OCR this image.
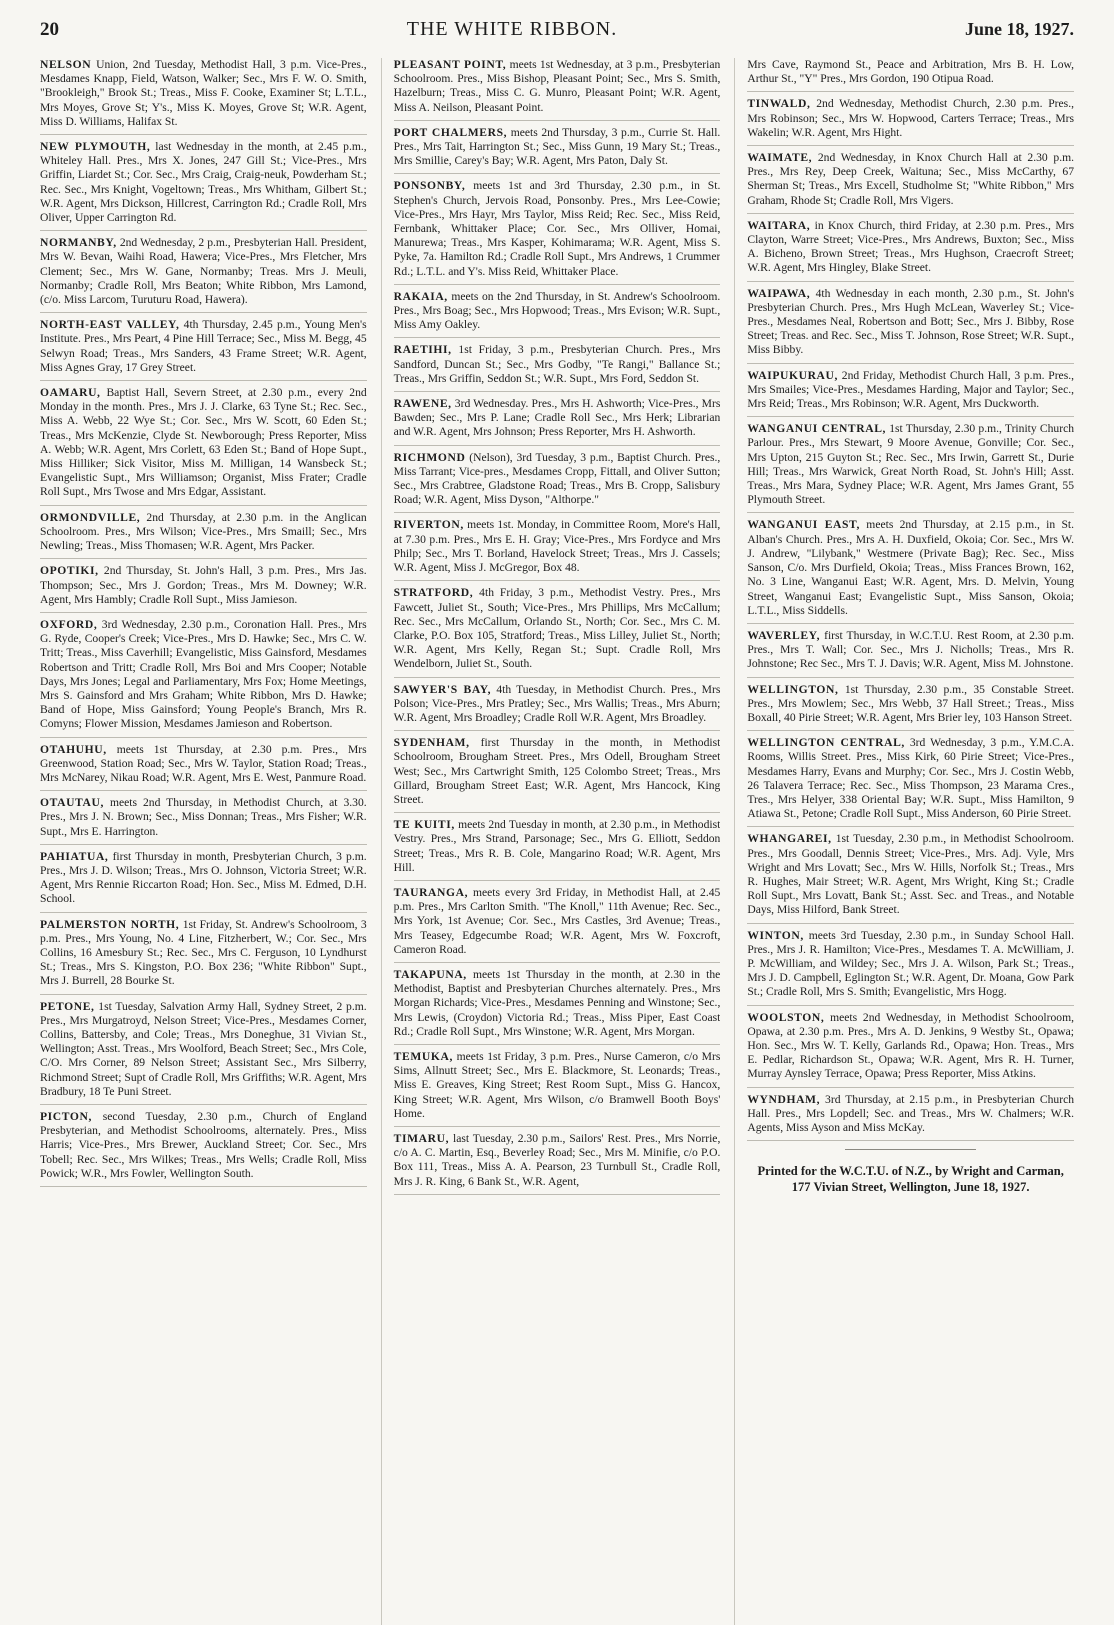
20	THE WHITE RIBBON.	June 18, 1927.

NELSON Union, 2nd Tuesday, Methodist Hall, 3 p.m. Vice-Pres., Mesdames Knapp, Field, Watson, Walker; Sec., Mrs F. W. O. Smith, "Brookleigh," Brook St.; Treas., Miss F. Cooke, Examiner St; L.T.L., Mrs Moyes, Grove St; Y's., Miss K. Moyes, Grove St; W.R. Agent, Miss D. Williams, Halifax St.

NEW PLYMOUTH, last Wednesday in the month, at 2.45 p.m., Whiteley Hall. Pres., Mrs X. Jones, 247 Gill St.; Vice-Pres., Mrs Griffin, Liardet St.; Cor. Sec., Mrs Craig, Craig-neuk, Powderham St.; Rec. Sec., Mrs Knight, Vogeltown; Treas., Mrs Whitham, Gilbert St.; W.R. Agent, Mrs Dickson, Hillcrest, Carrington Rd.; Cradle Roll, Mrs Oliver, Upper Carrington Rd.

NORMANBY, 2nd Wednesday, 2 p.m., Presbyterian Hall. President, Mrs W. Bevan, Waihi Road, Hawera; Vice-Pres., Mrs Fletcher, Mrs Clement; Sec., Mrs W. Gane, Normanby; Treas. Mrs J. Meuli, Normanby; Cradle Roll, Mrs Beaton; White Ribbon, Mrs Lamond, (c/o. Miss Larcom, Turuturu Road, Hawera).

NORTH-EAST VALLEY, 4th Thursday, 2.45 p.m., Young Men's Institute. Pres., Mrs Peart, 4 Pine Hill Terrace; Sec., Miss M. Begg, 45 Selwyn Road; Treas., Mrs Sanders, 43 Frame Street; W.R. Agent, Miss Agnes Gray, 17 Grey Street.

OAMARU, Baptist Hall, Severn Street, at 2.30 p.m., every 2nd Monday in the month. Pres., Mrs J. J. Clarke, 63 Tyne St.; Rec. Sec., Miss A. Webb, 22 Wye St.; Cor. Sec., Mrs W. Scott, 60 Eden St.; Treas., Mrs McKenzie, Clyde St. Newborough; Press Reporter, Miss A. Webb; W.R. Agent, Mrs Corlett, 63 Eden St.; Band of Hope Supt., Miss Hilliker; Sick Visitor, Miss M. Milligan, 14 Wansbeck St.; Evangelistic Supt., Mrs Williamson; Organist, Miss Frater; Cradle Roll Supt., Mrs Twose and Mrs Edgar, Assistant.

ORMONDVILLE, 2nd Thursday, at 2.30 p.m. in the Anglican Schoolroom. Pres., Mrs Wilson; Vice-Pres., Mrs Smaill; Sec., Mrs Newling; Treas., Miss Thomasen; W.R. Agent, Mrs Packer.

OPOTIKI, 2nd Thursday, St. John's Hall, 3 p.m. Pres., Mrs Jas. Thompson; Sec., Mrs J. Gordon; Treas., Mrs M. Downey; W.R. Agent, Mrs Hambly; Cradle Roll Supt., Miss Jamieson.

OXFORD, 3rd Wednesday, 2.30 p.m., Coronation Hall. Pres., Mrs G. Ryde, Cooper's Creek; Vice-Pres., Mrs D. Hawke; Sec., Mrs C. W. Tritt; Treas., Miss Caverhill; Evangelistic, Miss Gainsford, Mesdames Robertson and Tritt; Cradle Roll, Mrs Boi and Mrs Cooper; Notable Days, Mrs Jones; Legal and Parliamentary, Mrs Fox; Home Meetings, Mrs S. Gainsford and Mrs Graham; White Ribbon, Mrs D. Hawke; Band of Hope, Miss Gainsford; Young People's Branch, Mrs R. Comyns; Flower Mission, Mesdames Jamieson and Robertson.

OTAHUHU, meets 1st Thursday, at 2.30 p.m. Pres., Mrs Greenwood, Station Road; Sec., Mrs W. Taylor, Station Road; Treas., Mrs McNarey, Nikau Road; W.R. Agent, Mrs E. West, Panmure Road.

OTAUTAU, meets 2nd Thursday, in Methodist Church, at 3.30. Pres., Mrs J. N. Brown; Sec., Miss Donnan; Treas., Mrs Fisher; W.R. Supt., Mrs E. Harrington.

PAHIATUA, first Thursday in month, Presbyterian Church, 3 p.m. Pres., Mrs J. D. Wilson; Treas., Mrs O. Johnson, Victoria Street; W.R. Agent, Mrs Rennie Riccarton Road; Hon. Sec., Miss M. Edmed, D.H. School.

PALMERSTON NORTH, 1st Friday, St. Andrew's Schoolroom, 3 p.m. Pres., Mrs Young, No. 4 Line, Fitzherbert, W.; Cor. Sec., Mrs Collins, 16 Amesbury St.; Rec. Sec., Mrs C. Ferguson, 10 Lyndhurst St.; Treas., Mrs S. Kingston, P.O. Box 236; "White Ribbon" Supt., Mrs J. Burrell, 28 Bourke St.

PETONE, 1st Tuesday, Salvation Army Hall, Sydney Street, 2 p.m. Pres., Mrs Murgatroyd, Nelson Street; Vice-Pres., Mesdames Corner, Collins, Battersby, and Cole; Treas., Mrs Doneghue, 31 Vivian St., Wellington; Asst. Treas., Mrs Woolford, Beach Street; Sec., Mrs Cole, C/O. Mrs Corner, 89 Nelson Street; Assistant Sec., Mrs Silberry, Richmond Street; Supt of Cradle Roll, Mrs Griffiths; W.R. Agent, Mrs Bradbury, 18 Te Puni Street.

PICTON, second Tuesday, 2.30 p.m., Church of England Presbyterian, and Methodist Schoolrooms, alternately. Pres., Miss Harris; Vice-Pres., Mrs Brewer, Auckland Street; Cor. Sec., Mrs Tobell; Rec. Sec., Mrs Wilkes; Treas., Mrs Wells; Cradle Roll, Miss Powick; W.R., Mrs Fowler, Wellington South.

PLEASANT POINT, meets 1st Wednesday, at 3 p.m., Presbyterian Schoolroom. Pres., Miss Bishop, Pleasant Point; Sec., Mrs S. Smith, Hazelburn; Treas., Miss C. G. Munro, Pleasant Point; W.R. Agent, Miss A. Neilson, Pleasant Point.

PORT CHALMERS, meets 2nd Thursday, 3 p.m., Currie St. Hall. Pres., Mrs Tait, Harrington St.; Sec., Miss Gunn, 19 Mary St.; Treas., Mrs Smillie, Carey's Bay; W.R. Agent, Mrs Paton, Daly St.

PONSONBY, meets 1st and 3rd Thursday, 2.30 p.m., in St. Stephen's Church, Jervois Road, Ponsonby. Pres., Mrs Lee-Cowie; Vice-Pres., Mrs Hayr, Mrs Taylor, Miss Reid; Rec. Sec., Miss Reid, Fernbank, Whittaker Place; Cor. Sec., Mrs Olliver, Homai, Manurewa; Treas., Mrs Kasper, Kohimarama; W.R. Agent, Miss S. Pyke, 7a. Hamilton Rd.; Cradle Roll Supt., Mrs Andrews, 1 Crummer Rd.; L.T.L. and Y's. Miss Reid, Whittaker Place.

RAKAIA, meets on the 2nd Thursday, in St. Andrew's Schoolroom. Pres., Mrs Boag; Sec., Mrs Hopwood; Treas., Mrs Evison; W.R. Supt., Miss Amy Oakley.

RAETIHI, 1st Friday, 3 p.m., Presbyterian Church. Pres., Mrs Sandford, Duncan St.; Sec., Mrs Godby, "Te Rangi," Ballance St.; Treas., Mrs Griffin, Seddon St.; W.R. Supt., Mrs Ford, Seddon St.

RAWENE, 3rd Wednesday. Pres., Mrs H. Ashworth; Vice-Pres., Mrs Bawden; Sec., Mrs P. Lane; Cradle Roll Sec., Mrs Herk; Librarian and W.R. Agent, Mrs Johnson; Press Reporter, Mrs H. Ashworth.

RICHMOND (Nelson), 3rd Tuesday, 3 p.m., Baptist Church. Pres., Miss Tarrant; Vice-pres., Mesdames Cropp, Fittall, and Oliver Sutton; Sec., Mrs Crabtree, Gladstone Road; Treas., Mrs B. Cropp, Salisbury Road; W.R. Agent, Miss Dyson, "Althorpe."

RIVERTON, meets 1st. Monday, in Committee Room, More's Hall, at 7.30 p.m. Pres., Mrs E. H. Gray; Vice-Pres., Mrs Fordyce and Mrs Philp; Sec., Mrs T. Borland, Havelock Street; Treas., Mrs J. Cassels; W.R. Agent, Miss J. McGregor, Box 48.

STRATFORD, 4th Friday, 3 p.m., Methodist Vestry. Pres., Mrs Fawcett, Juliet St., South; Vice-Pres., Mrs Phillips, Mrs McCallum; Rec. Sec., Mrs McCallum, Orlando St., North; Cor. Sec., Mrs C. M. Clarke, P.O. Box 105, Stratford; Treas., Miss Lilley, Juliet St., North; W.R. Agent, Mrs Kelly, Regan St.; Supt. Cradle Roll, Mrs Wendelborn, Juliet St., South.

SAWYER'S BAY, 4th Tuesday, in Methodist Church. Pres., Mrs Polson; Vice-Pres., Mrs Pratley; Sec., Mrs Wallis; Treas., Mrs Aburn; W.R. Agent, Mrs Broadley; Cradle Roll W.R. Agent, Mrs Broadley.

SYDENHAM, first Thursday in the month, in Methodist Schoolroom, Brougham Street. Pres., Mrs Odell, Brougham Street West; Sec., Mrs Cartwright Smith, 125 Colombo Street; Treas., Mrs Gillard, Brougham Street East; W.R. Agent, Mrs Hancock, King Street.

TE KUITI, meets 2nd Tuesday in month, at 2.30 p.m., in Methodist Vestry. Pres., Mrs Strand, Parsonage; Sec., Mrs G. Elliott, Seddon Street; Treas., Mrs R. B. Cole, Mangarino Road; W.R. Agent, Mrs Hill.

TAURANGA, meets every 3rd Friday, in Methodist Hall, at 2.45 p.m. Pres., Mrs Carlton Smith. "The Knoll," 11th Avenue; Rec. Sec., Mrs York, 1st Avenue; Cor. Sec., Mrs Castles, 3rd Avenue; Treas., Mrs Teasey, Edgecumbe Road; W.R. Agent, Mrs W. Foxcroft, Cameron Road.

TAKAPUNA, meets 1st Thursday in the month, at 2.30 in the Methodist, Baptist and Presbyterian Churches alternately. Pres., Mrs Morgan Richards; Vice-Pres., Mesdames Penning and Winstone; Sec., Mrs Lewis, (Croydon) Victoria Rd.; Treas., Miss Piper, East Coast Rd.; Cradle Roll Supt., Mrs Winstone; W.R. Agent, Mrs Morgan.

TEMUKA, meets 1st Friday, 3 p.m. Pres., Nurse Cameron, c/o Mrs Sims, Allnutt Street; Sec., Mrs E. Blackmore, St. Leonards; Treas., Miss E. Greaves, King Street; Rest Room Supt., Miss G. Hancox, King Street; W.R. Agent, Mrs Wilson, c/o Bramwell Booth Boys' Home.

TIMARU, last Tuesday, 2.30 p.m., Sailors' Rest. Pres., Mrs Norrie, c/o A. C. Martin, Esq., Beverley Road; Sec., Mrs M. Minifie, c/o P.O. Box 111, Treas., Miss A. A. Pearson, 23 Turnbull St., Cradle Roll, Mrs J. R. King, 6 Bank St., W.R. Agent,

Mrs Cave, Raymond St., Peace and Arbitration, Mrs B. H. Low, Arthur St., "Y" Pres., Mrs Gordon, 190 Otipua Road.

TINWALD, 2nd Wednesday, Methodist Church, 2.30 p.m. Pres., Mrs Robinson; Sec., Mrs W. Hopwood, Carters Terrace; Treas., Mrs Wakelin; W.R. Agent, Mrs Hight.

WAIMATE, 2nd Wednesday, in Knox Church Hall at 2.30 p.m. Pres., Mrs Rey, Deep Creek, Waituna; Sec., Miss McCarthy, 67 Sherman St; Treas., Mrs Excell, Studholme St; "White Ribbon," Mrs Graham, Rhode St; Cradle Roll, Mrs Vigers.

WAITARA, in Knox Church, third Friday, at 2.30 p.m. Pres., Mrs Clayton, Warre Street; Vice-Pres., Mrs Andrews, Buxton; Sec., Miss A. Bicheno, Brown Street; Treas., Mrs Hughson, Craecroft Street; W.R. Agent, Mrs Hingley, Blake Street.

WAIPAWA, 4th Wednesday in each month, 2.30 p.m., St. John's Presbyterian Church. Pres., Mrs Hugh McLean, Waverley St.; Vice-Pres., Mesdames Neal, Robertson and Bott; Sec., Mrs J. Bibby, Rose Street; Treas. and Rec. Sec., Miss T. Johnson, Rose Street; W.R. Supt., Miss Bibby.

WAIPUKURAU, 2nd Friday, Methodist Church Hall, 3 p.m. Pres., Mrs Smailes; Vice-Pres., Mesdames Harding, Major and Taylor; Sec., Mrs Reid; Treas., Mrs Robinson; W.R. Agent, Mrs Duckworth.

WANGANUI CENTRAL, 1st Thursday, 2.30 p.m., Trinity Church Parlour. Pres., Mrs Stewart, 9 Moore Avenue, Gonville; Cor. Sec., Mrs Upton, 215 Guyton St.; Rec. Sec., Mrs Irwin, Garrett St., Durie Hill; Treas., Mrs Warwick, Great North Road, St. John's Hill; Asst. Treas., Mrs Mara, Sydney Place; W.R. Agent, Mrs James Grant, 55 Plymouth Street.

WANGANUI EAST, meets 2nd Thursday, at 2.15 p.m., in St. Alban's Church. Pres., Mrs A. H. Duxfield, Okoia; Cor. Sec., Mrs W. J. Andrew, "Lilybank," Westmere (Private Bag); Rec. Sec., Miss Sanson, C/o. Mrs Durfield, Okoia; Treas., Miss Frances Brown, 162, No. 3 Line, Wanganui East; W.R. Agent, Mrs. D. Melvin, Young Street, Wanganui East; Evangelistic Supt., Miss Sanson, Okoia; L.T.L., Miss Siddells.

WAVERLEY, first Thursday, in W.C.T.U. Rest Room, at 2.30 p.m. Pres., Mrs T. Wall; Cor. Sec., Mrs J. Nicholls; Treas., Mrs R. Johnstone; Rec Sec., Mrs T. J. Davis; W.R. Agent, Miss M. Johnstone.

WELLINGTON, 1st Thursday, 2.30 p.m., 35 Constable Street. Pres., Mrs Mowlem; Sec., Mrs Webb, 37 Hall Street.; Treas., Miss Boxall, 40 Pirie Street; W.R. Agent, Mrs Brier ley, 103 Hanson Street.

WELLINGTON CENTRAL, 3rd Wednesday, 3 p.m., Y.M.C.A. Rooms, Willis Street. Pres., Miss Kirk, 60 Pirie Street; Vice-Pres., Mesdames Harry, Evans and Murphy; Cor. Sec., Mrs J. Costin Webb, 26 Talavera Terrace; Rec. Sec., Miss Thompson, 23 Marama Cres., Tres., Mrs Helyer, 338 Oriental Bay; W.R. Supt., Miss Hamilton, 9 Atiawa St., Petone; Cradle Roll Supt., Miss Anderson, 60 Pirie Street.

WHANGAREI, 1st Tuesday, 2.30 p.m., in Methodist Schoolroom. Pres., Mrs Goodall, Dennis Street; Vice-Pres., Mrs. Adj. Vyle, Mrs Wright and Mrs Lovatt; Sec., Mrs W. Hills, Norfolk St.; Treas., Mrs R. Hughes, Mair Street; W.R. Agent, Mrs Wright, King St.; Cradle Roll Supt., Mrs Lovatt, Bank St.; Asst. Sec. and Treas., and Notable Days, Miss Hilford, Bank Street.

WINTON, meets 3rd Tuesday, 2.30 p.m., in Sunday School Hall. Pres., Mrs J. R. Hamilton; Vice-Pres., Mesdames T. A. McWilliam, J. P. McWilliam, and Wildey; Sec., Mrs J. A. Wilson, Park St.; Treas., Mrs J. D. Campbell, Eglington St.; W.R. Agent, Dr. Moana, Gow Park St.; Cradle Roll, Mrs S. Smith; Evangelistic, Mrs Hogg.

WOOLSTON, meets 2nd Wednesday, in Methodist Schoolroom, Opawa, at 2.30 p.m. Pres., Mrs A. D. Jenkins, 9 Westby St., Opawa; Hon. Sec., Mrs W. T. Kelly, Garlands Rd., Opawa; Hon. Treas., Mrs E. Pedlar, Richardson St., Opawa; W.R. Agent, Mrs R. H. Turner, Murray Aynsley Terrace, Opawa; Press Reporter, Miss Atkins.

WYNDHAM, 3rd Thursday, at 2.15 p.m., in Presbyterian Church Hall. Pres., Mrs Lopdell; Sec. and Treas., Mrs W. Chalmers; W.R. Agents, Miss Ayson and Miss McKay.

Printed for the W.C.T.U. of N.Z., by Wright and Carman, 177 Vivian Street, Wellington, June 18, 1927.
